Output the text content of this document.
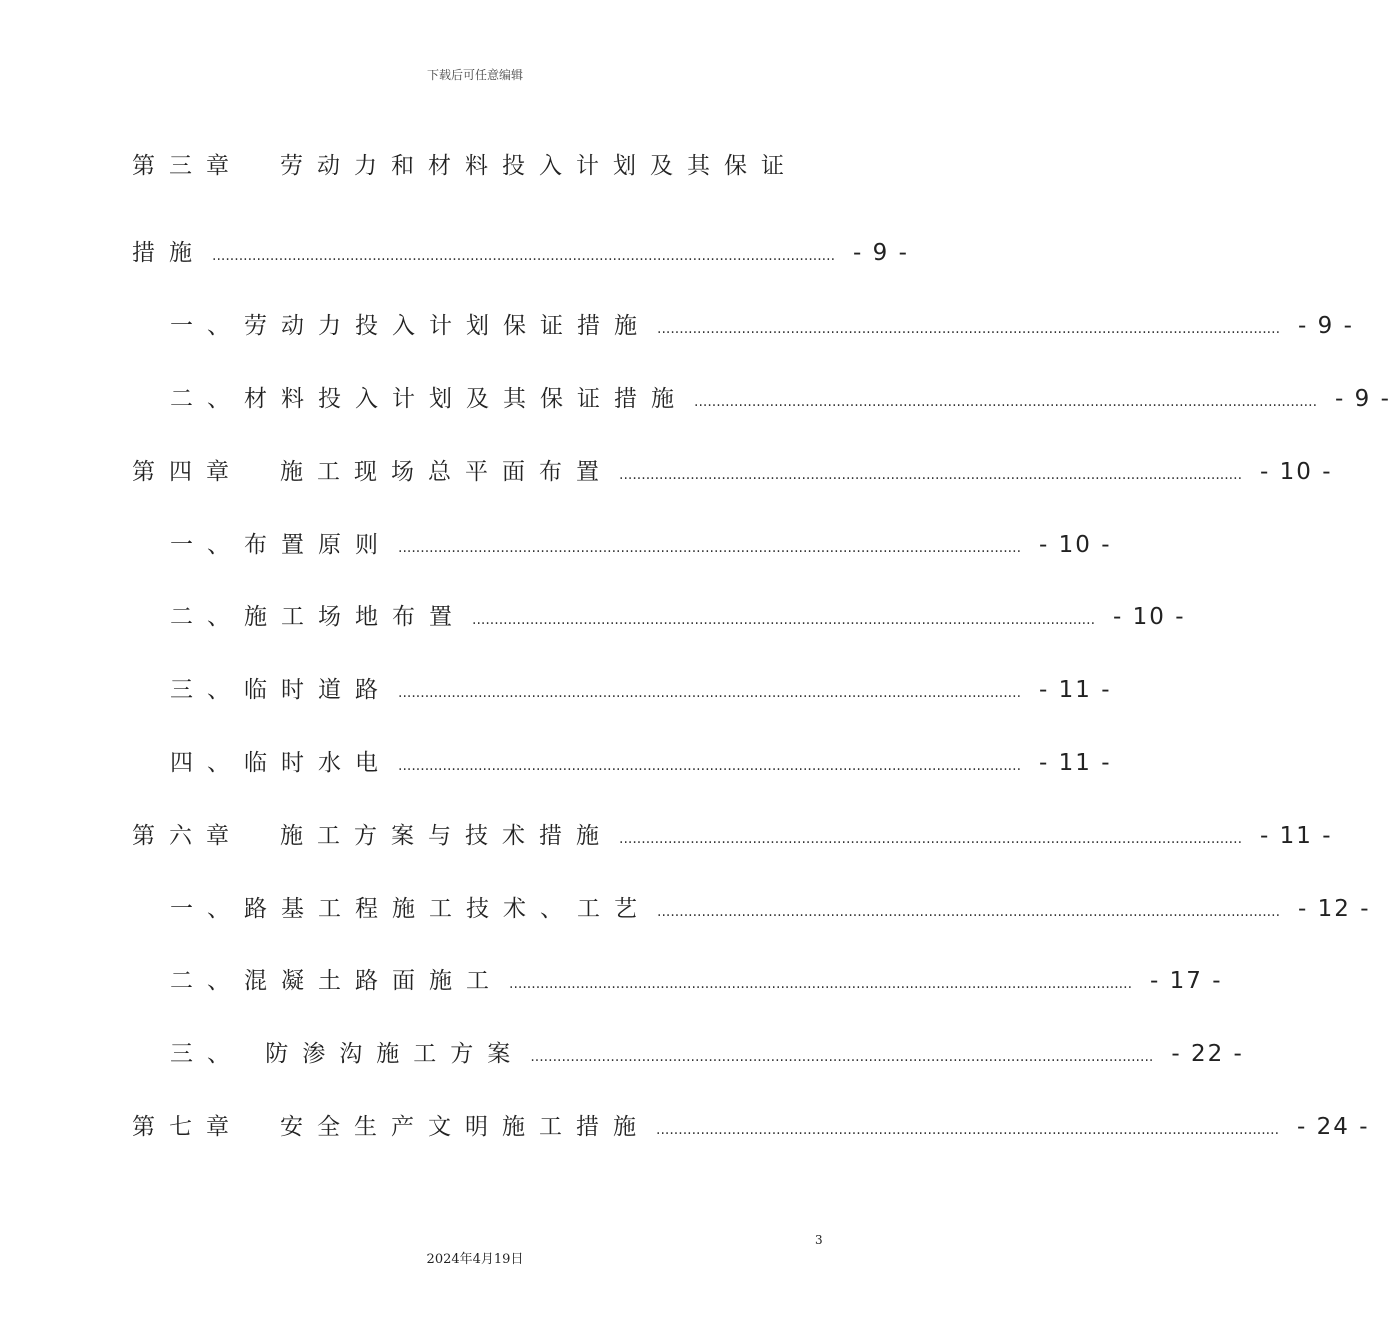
下载后可任意编辑
第三章　劳动力和材料投入计划及其保证
措施 ............................................................................................................................................ - 9 -
一、劳动力投入计划保证措施 ............................................................................................................................................ - 9 -
二、材料投入计划及其保证措施 ............................................................................................................................................ - 9 -
第四章　施工现场总平面布置 ............................................................................................................................................ - 10 -
一、布置原则 ............................................................................................................................................ - 10 -
二、施工场地布置 ............................................................................................................................................ - 10 -
三、临时道路 ............................................................................................................................................ - 11 -
四、临时水电 ............................................................................................................................................ - 11 -
第六章　施工方案与技术措施 ............................................................................................................................................ - 11 -
一、路基工程施工技术、工艺 ............................................................................................................................................ - 12 -
二、混凝土路面施工 ............................................................................................................................................ - 17 -
三、 防渗沟施工方案 ............................................................................................................................................ - 22 -
第七章　安全生产文明施工措施 ............................................................................................................................................ - 24 -
3
2024年4月19日
